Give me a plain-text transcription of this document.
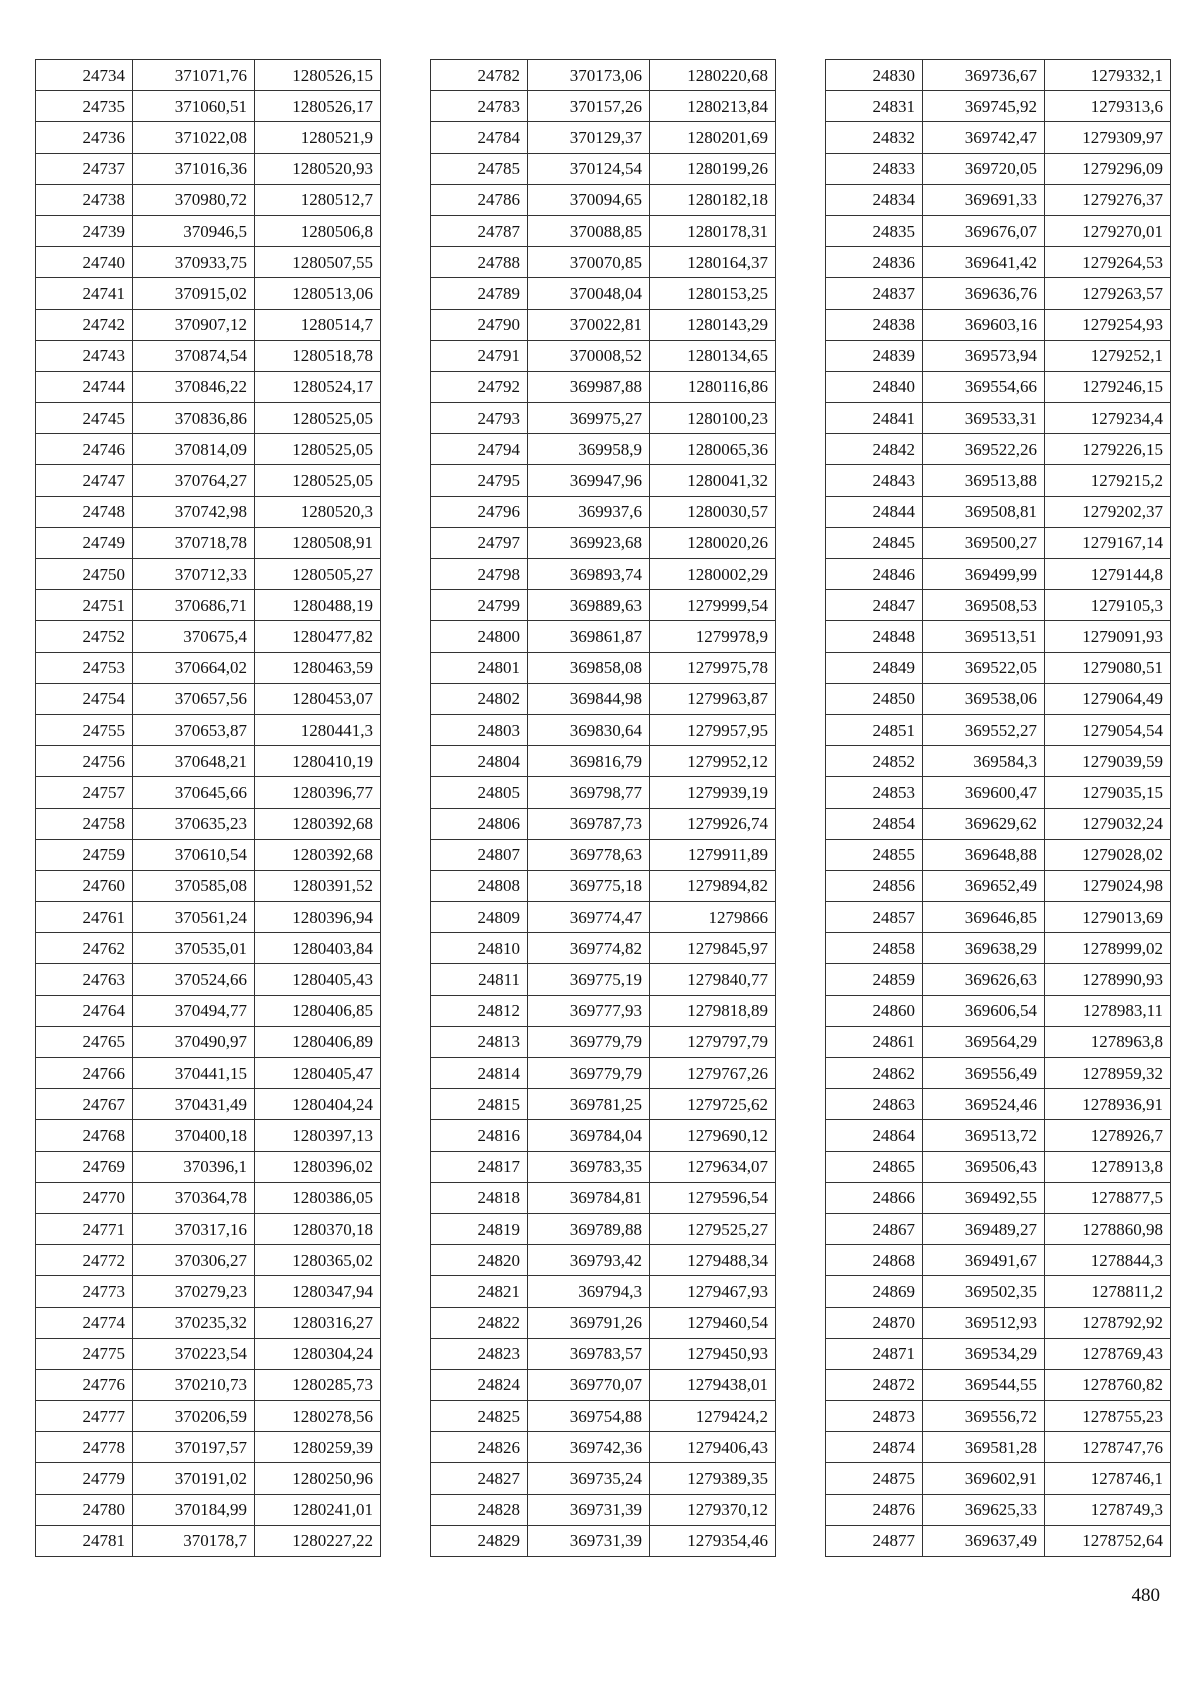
24734	371071,76	1280526,15
24735	371060,51	1280526,17
24736	371022,08	1280521,9
24737	371016,36	1280520,93
24738	370980,72	1280512,7
24739	370946,5	1280506,8
24740	370933,75	1280507,55
24741	370915,02	1280513,06
24742	370907,12	1280514,7
24743	370874,54	1280518,78
24744	370846,22	1280524,17
24745	370836,86	1280525,05
24746	370814,09	1280525,05
24747	370764,27	1280525,05
24748	370742,98	1280520,3
24749	370718,78	1280508,91
24750	370712,33	1280505,27
24751	370686,71	1280488,19
24752	370675,4	1280477,82
24753	370664,02	1280463,59
24754	370657,56	1280453,07
24755	370653,87	1280441,3
24756	370648,21	1280410,19
24757	370645,66	1280396,77
24758	370635,23	1280392,68
24759	370610,54	1280392,68
24760	370585,08	1280391,52
24761	370561,24	1280396,94
24762	370535,01	1280403,84
24763	370524,66	1280405,43
24764	370494,77	1280406,85
24765	370490,97	1280406,89
24766	370441,15	1280405,47
24767	370431,49	1280404,24
24768	370400,18	1280397,13
24769	370396,1	1280396,02
24770	370364,78	1280386,05
24771	370317,16	1280370,18
24772	370306,27	1280365,02
24773	370279,23	1280347,94
24774	370235,32	1280316,27
24775	370223,54	1280304,24
24776	370210,73	1280285,73
24777	370206,59	1280278,56
24778	370197,57	1280259,39
24779	370191,02	1280250,96
24780	370184,99	1280241,01
24781	370178,7	1280227,22
24782	370173,06	1280220,68
24783	370157,26	1280213,84
24784	370129,37	1280201,69
24785	370124,54	1280199,26
24786	370094,65	1280182,18
24787	370088,85	1280178,31
24788	370070,85	1280164,37
24789	370048,04	1280153,25
24790	370022,81	1280143,29
24791	370008,52	1280134,65
24792	369987,88	1280116,86
24793	369975,27	1280100,23
24794	369958,9	1280065,36
24795	369947,96	1280041,32
24796	369937,6	1280030,57
24797	369923,68	1280020,26
24798	369893,74	1280002,29
24799	369889,63	1279999,54
24800	369861,87	1279978,9
24801	369858,08	1279975,78
24802	369844,98	1279963,87
24803	369830,64	1279957,95
24804	369816,79	1279952,12
24805	369798,77	1279939,19
24806	369787,73	1279926,74
24807	369778,63	1279911,89
24808	369775,18	1279894,82
24809	369774,47	1279866
24810	369774,82	1279845,97
24811	369775,19	1279840,77
24812	369777,93	1279818,89
24813	369779,79	1279797,79
24814	369779,79	1279767,26
24815	369781,25	1279725,62
24816	369784,04	1279690,12
24817	369783,35	1279634,07
24818	369784,81	1279596,54
24819	369789,88	1279525,27
24820	369793,42	1279488,34
24821	369794,3	1279467,93
24822	369791,26	1279460,54
24823	369783,57	1279450,93
24824	369770,07	1279438,01
24825	369754,88	1279424,2
24826	369742,36	1279406,43
24827	369735,24	1279389,35
24828	369731,39	1279370,12
24829	369731,39	1279354,46
24830	369736,67	1279332,1
24831	369745,92	1279313,6
24832	369742,47	1279309,97
24833	369720,05	1279296,09
24834	369691,33	1279276,37
24835	369676,07	1279270,01
24836	369641,42	1279264,53
24837	369636,76	1279263,57
24838	369603,16	1279254,93
24839	369573,94	1279252,1
24840	369554,66	1279246,15
24841	369533,31	1279234,4
24842	369522,26	1279226,15
24843	369513,88	1279215,2
24844	369508,81	1279202,37
24845	369500,27	1279167,14
24846	369499,99	1279144,8
24847	369508,53	1279105,3
24848	369513,51	1279091,93
24849	369522,05	1279080,51
24850	369538,06	1279064,49
24851	369552,27	1279054,54
24852	369584,3	1279039,59
24853	369600,47	1279035,15
24854	369629,62	1279032,24
24855	369648,88	1279028,02
24856	369652,49	1279024,98
24857	369646,85	1279013,69
24858	369638,29	1278999,02
24859	369626,63	1278990,93
24860	369606,54	1278983,11
24861	369564,29	1278963,8
24862	369556,49	1278959,32
24863	369524,46	1278936,91
24864	369513,72	1278926,7
24865	369506,43	1278913,8
24866	369492,55	1278877,5
24867	369489,27	1278860,98
24868	369491,67	1278844,3
24869	369502,35	1278811,2
24870	369512,93	1278792,92
24871	369534,29	1278769,43
24872	369544,55	1278760,82
24873	369556,72	1278755,23
24874	369581,28	1278747,76
24875	369602,91	1278746,1
24876	369625,33	1278749,3
24877	369637,49	1278752,64
480
